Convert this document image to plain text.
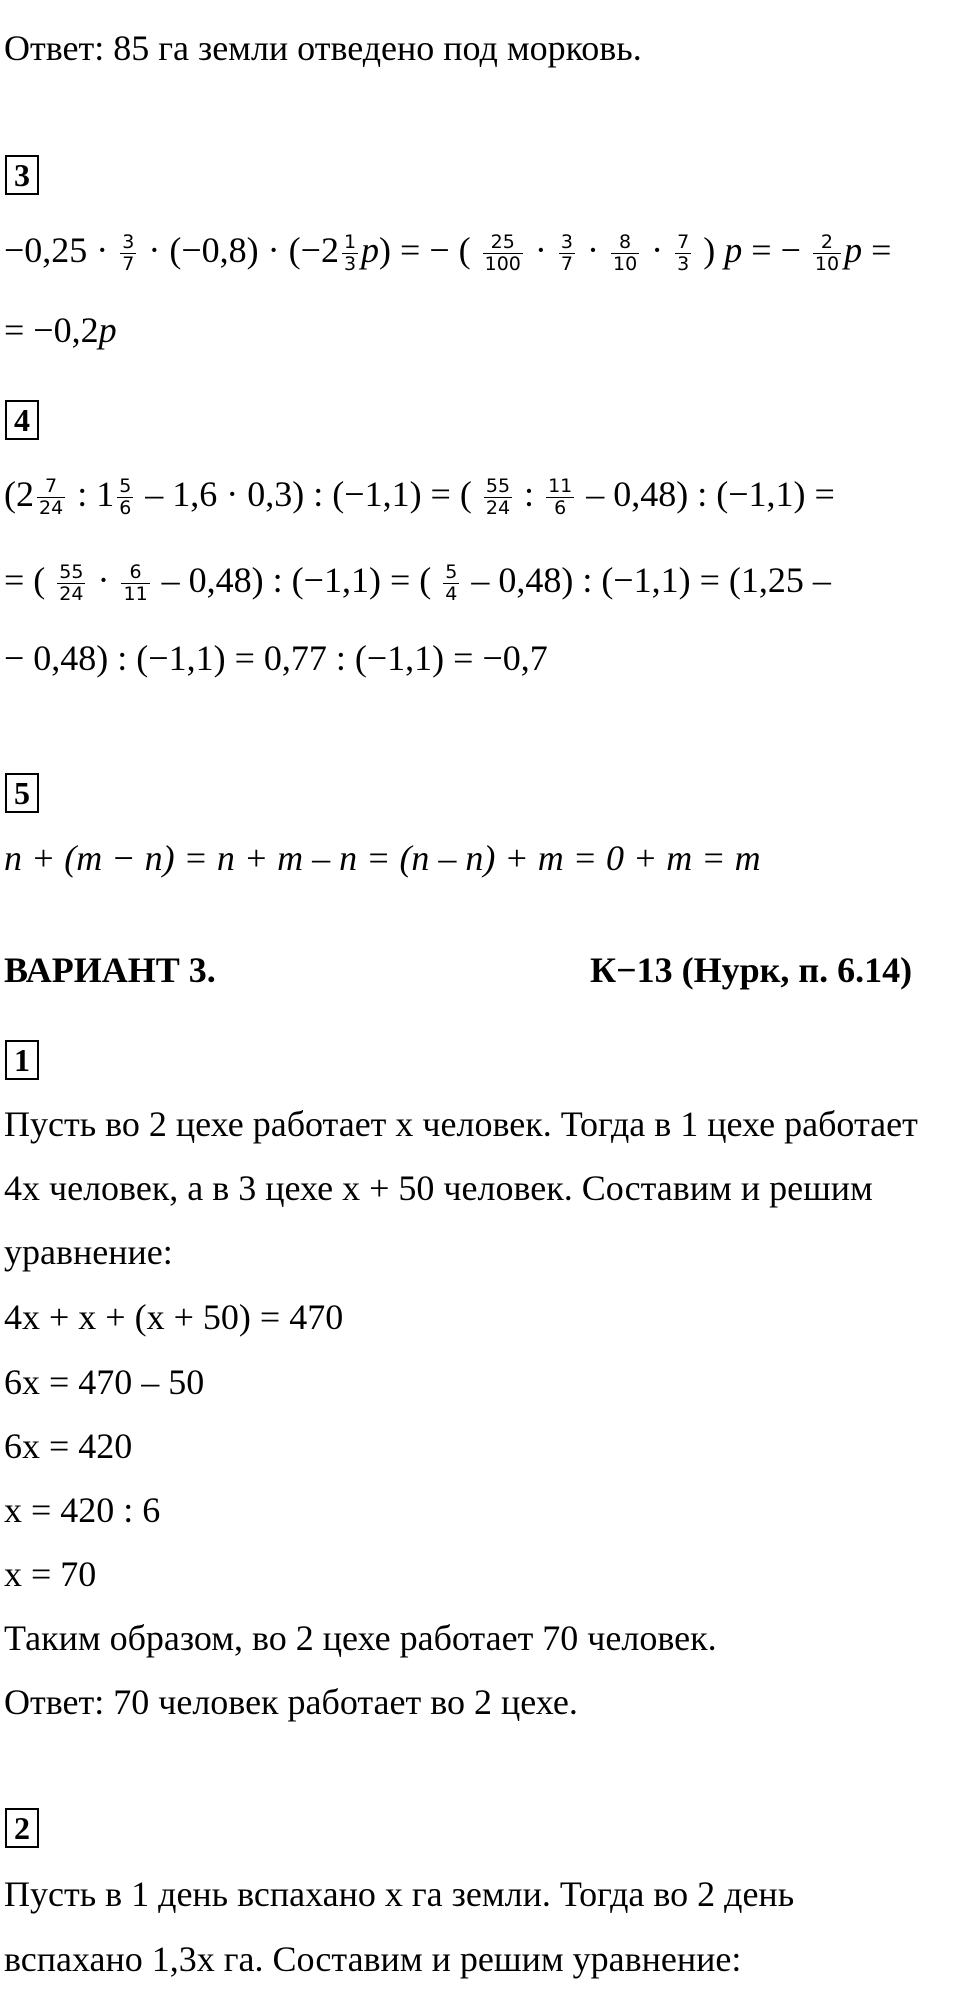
Ответ: 85 га земли отведено под морковь.
3
$-0,25 \cdot \frac{3}{7} \cdot (-0,8) \cdot (-2 \frac{1}{3} p)$ = − ( $\frac{25}{100} \cdot \frac{3}{7} \cdot \frac{8}{10} \cdot \frac{7}{3}$ ) p = − $\frac{2}{10}$ p =
= −0,2p
4
($2 \frac{7}{24}$ : $1 \frac{5}{6} - 1,6 \cdot 0,3$) : (−1,1) = ( $\frac{55}{24}$ : $\frac{11}{6} - 0,48$) : (−1,1) =
= ( $\frac{55}{24} \cdot \frac{6}{11} - 0,48$) : (−1,1) = ( $\frac{5}{4} - 0,48$) : (−1,1) = (1,25 –
− 0,48) : (−1,1) = 0,77 : (−1,1) = −0,7
5
n + (m − n) = n + m – n = (n – n) + m = 0 + m = m
ВАРИАНТ 3.	К−13 (Нурк, п. 6.14)
1
Пусть во 2 цехе работает x человек. Тогда в 1 цехе работает
4x человек, а в 3 цехе x + 50 человек. Составим и решим
уравнение:
4x + x + (x + 50) = 470
6x = 470 – 50
6x = 420
x = 420 : 6
x = 70
Таким образом, во 2 цехе работает 70 человек.
Ответ: 70 человек работает во 2 цехе.
2
Пусть в 1 день вспахано x га земли. Тогда во 2 день
вспахано 1,3x га. Составим и решим уравнение:
